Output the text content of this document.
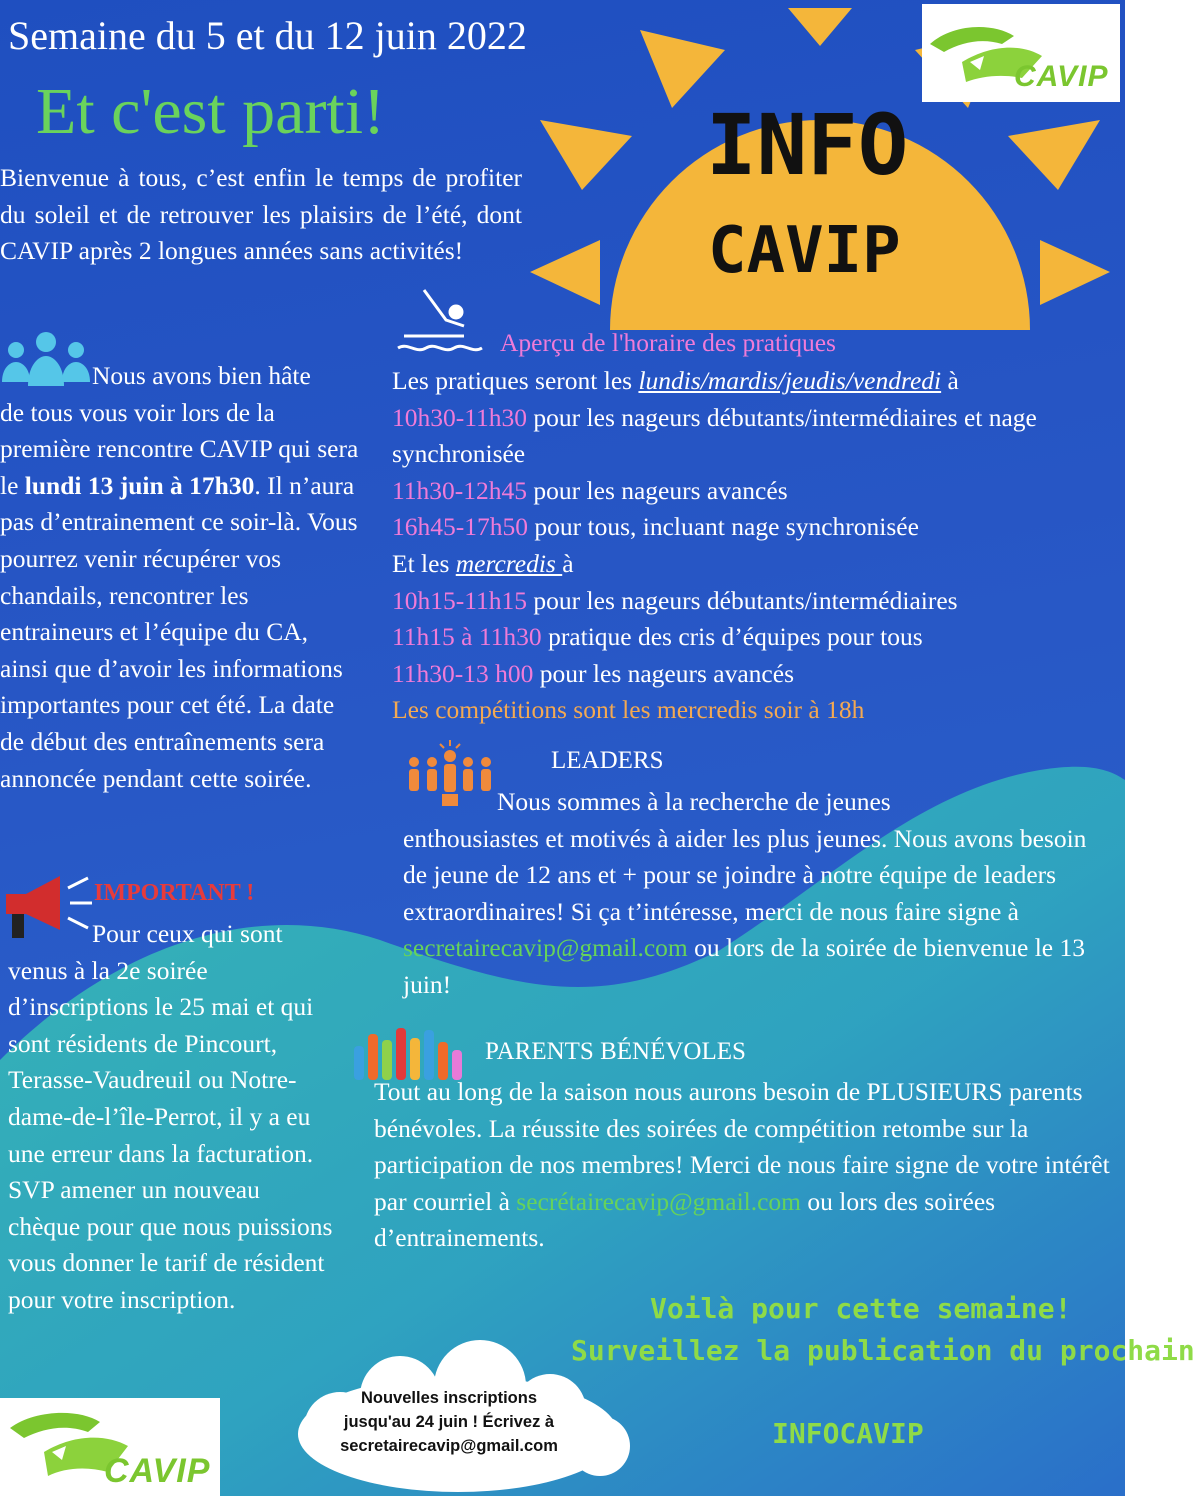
INFO
CAVIP
CAVIP
Semaine du 5 et du 12 juin 2022
Et c'est parti!
Bienvenue à tous, c’est enfin le temps de profiter du soleil et de retrouver les plaisirs de l’été, dont CAVIP après 2 longues années sans activités!
Nous avons bien hâte
de tous vous voir lors de la première rencontre CAVIP qui sera le lundi 13 juin à 17h30. Il n’aura pas d’entrainement ce soir-là. Vous pourrez venir récupérer vos chandails, rencontrer les entraineurs et l’équipe du CA, ainsi que d’avoir les informations importantes pour cet été. La date de début des entraînements sera annoncée pendant cette soirée.
IMPORTANT !
Pour ceux qui sont
venus à la 2e soirée d’inscriptions le 25 mai et qui sont résidents de Pincourt, Terasse-Vaudreuil ou Notre-dame-de-l’île-Perrot, il y a eu une erreur dans la facturation. SVP amener un nouveau chèque pour que nous puissions vous donner le tarif de résident pour votre inscription.
Aperçu de l'horaire des pratiques
Les pratiques seront les lundis/mardis/jeudis/vendredi à
10h30-11h30 pour les nageurs débutants/intermédiaires et nage synchronisée
11h30-12h45 pour les nageurs avancés
16h45-17h50 pour tous, incluant nage synchronisée
Et les mercredis à
10h15-11h15 pour les nageurs débutants/intermédiaires
11h15 à 11h30 pratique des cris d’équipes pour tous
11h30-13 h00 pour les nageurs avancés
Les compétitions sont les mercredis soir à 18h
LEADERS
Nous sommes à la recherche de jeunes
enthousiastes et motivés à aider les plus jeunes. Nous avons besoin de jeune de 12 ans et + pour se joindre à notre équipe de leaders extraordinaires! Si ça t’intéresse, merci de nous faire signe à secretairecavip@gmail.com ou lors de la soirée de bienvenue le 13 juin!
PARENTS BÉNÉVOLES
Tout au long de la saison nous aurons besoin de PLUSIEURS parents bénévoles. La réussite des soirées de compétition retombe sur la participation de nos membres! Merci de nous faire signe de votre intérêt par courriel à secrétairecavip@gmail.com ou lors des soirées d’entrainements.
Voilà pour cette semaine!
Surveillez la publication du prochain
INFOCAVIP
Nouvelles inscriptions
jusqu'au 24 juin ! Écrivez à
secretairecavip@gmail.com
CAVIP
